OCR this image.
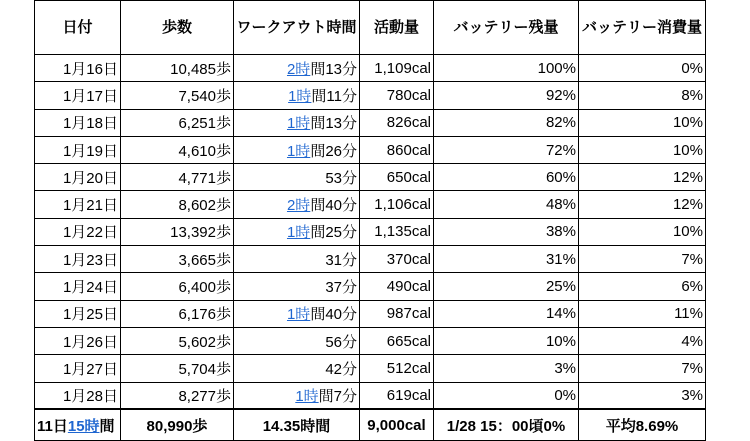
日付	歩数	ワークアウト時間	活動量	バッテリー残量	バッテリー消費量
1月16日	10,485歩	2時間13分	1,109cal	100%	0%
1月17日	7,540歩	1時間11分	780cal	92%	8%
1月18日	6,251歩	1時間13分	826cal	82%	10%
1月19日	4,610歩	1時間26分	860cal	72%	10%
1月20日	4,771歩	53分	650cal	60%	12%
1月21日	8,602歩	2時間40分	1,106cal	48%	12%
1月22日	13,392歩	1時間25分	1,135cal	38%	10%
1月23日	3,665歩	31分	370cal	31%	7%
1月24日	6,400歩	37分	490cal	25%	6%
1月25日	6,176歩	1時間40分	987cal	14%	11%
1月26日	5,602歩	56分	665cal	10%	4%
1月27日	5,704歩	42分	512cal	3%	7%
1月28日	8,277歩	1時間7分	619cal	0%	3%
11日15時間	80,990歩	14.35時間	9,000cal	1/28 15：00頃0%	平均8.69%
